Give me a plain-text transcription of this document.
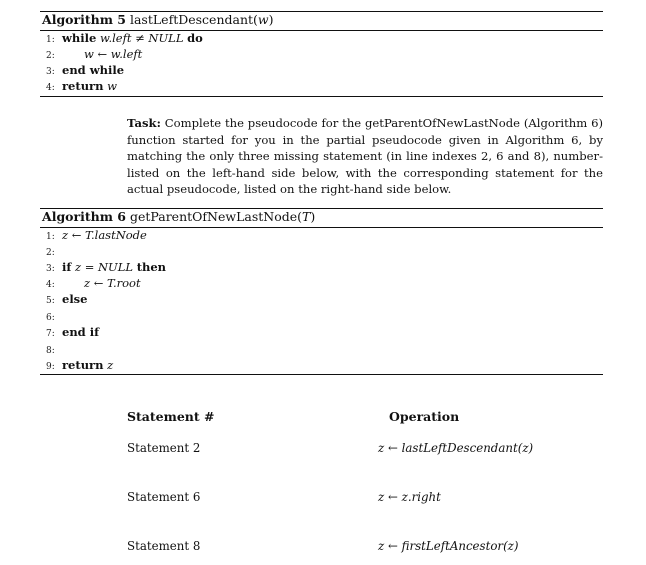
Algorithm 5 lastLeftDescendant(w)
1: while w.left ≠ NULL do
2:	w ← w.left
3: end while
4: return w
Task: Complete the pseudocode for the getParentOfNewLastNode (Algorithm 6) function started for you in the partial pseudocode given in Algorithm 6, by matching the only three missing statement (in line indexes 2, 6 and 8), number-listed on the left-hand side below, with the corresponding statement for the actual pseudocode, listed on the right-hand side below.
Algorithm 6 getParentOfNewLastNode(T)
1: z ← T.lastNode
2:
3: if z = NULL then
4:	z ← T.root
5: else
6:
7: end if
8:
9: return z
Statement #	Operation
Statement 2	z ← lastLeftDescendant(z)
Statement 6	z ← z.right
Statement 8	z ← firstLeftAncestor(z)
